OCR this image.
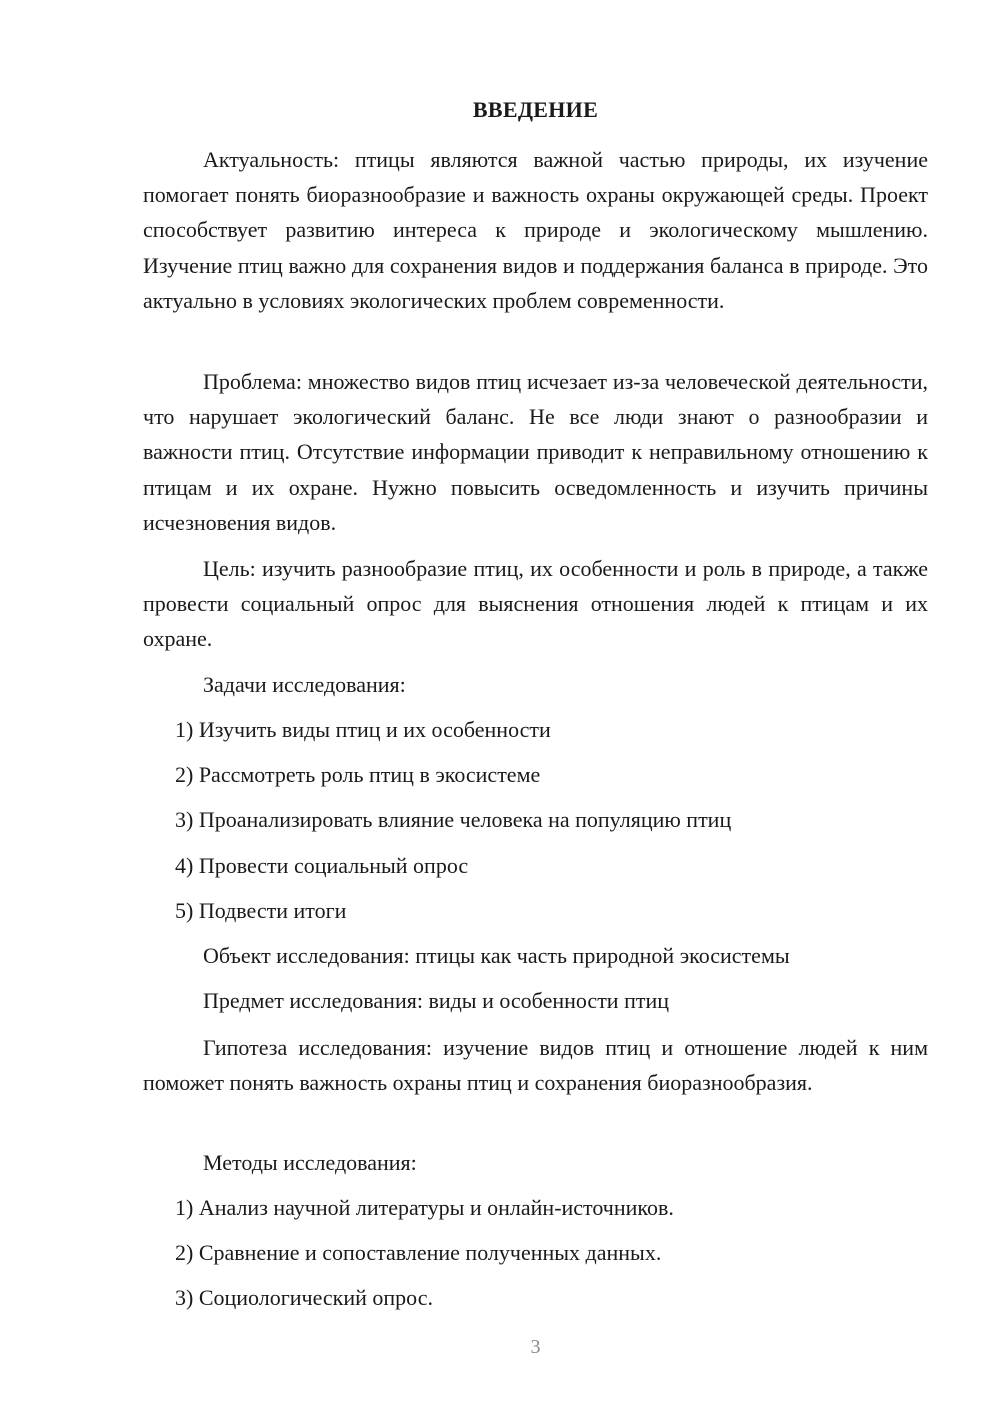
ВВЕДЕНИЕ

Актуальность: птицы являются важной частью природы, их изучение помогает понять биоразнообразие и важность охраны окружающей среды. Проект способствует развитию интереса к природе и экологическому мышлению. Изучение птиц важно для сохранения видов и поддержания баланса в природе. Это актуально в условиях экологических проблем современности.

Проблема: множество видов птиц исчезает из-за человеческой деятельности, что нарушает экологический баланс. Не все люди знают о разнообразии и важности птиц. Отсутствие информации приводит к неправильному отношению к птицам и их охране. Нужно повысить осведомленность и изучить причины исчезновения видов.

Цель: изучить разнообразие птиц, их особенности и роль в природе, а также провести социальный опрос для выяснения отношения людей к птицам и их охране.

Задачи исследования:

1) Изучить виды птиц и их особенности

2) Рассмотреть роль птиц в экосистеме

3) Проанализировать влияние человека на популяцию птиц

4) Провести социальный опрос

5) Подвести итоги

Объект исследования: птицы как часть природной экосистемы

Предмет исследования: виды и особенности птиц

Гипотеза исследования: изучение видов птиц и отношение людей к ним поможет понять важность охраны птиц и сохранения биоразнообразия.

Методы исследования:

1) Анализ научной литературы и онлайн-источников.

2) Сравнение и сопоставление полученных данных.

3) Социологический опрос.

3
